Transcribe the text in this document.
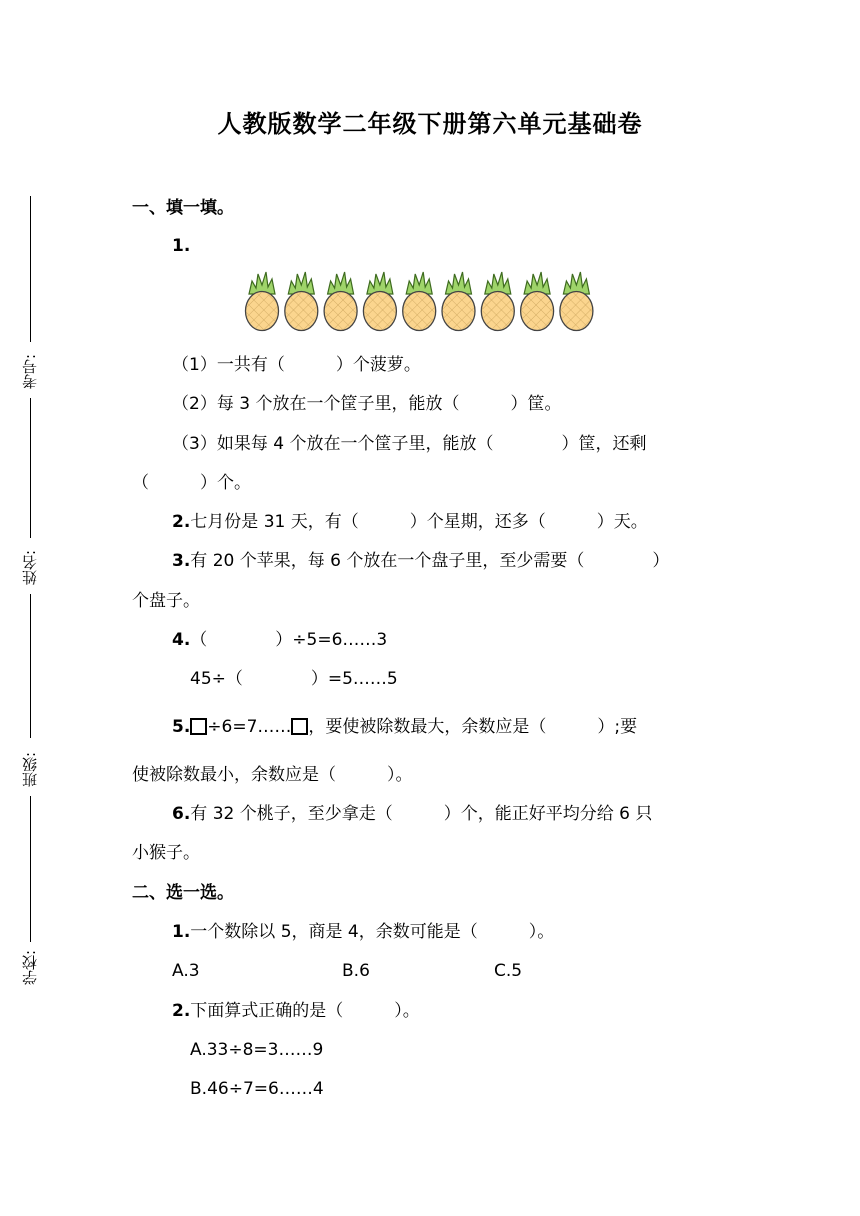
人教版数学二年级下册第六单元基础卷
考号:
姓名:
班级:
学校:
一、填一填。
1.
（1）一共有（　　　）个菠萝。
（2）每 3 个放在一个筐子里，能放（　　　）筐。
（3）如果每 4 个放在一个筐子里，能放（　　　　）筐，还剩
（　　　）个。
2.七月份是 31 天，有（　　　）个星期，还多（　　　）天。
3.有 20 个苹果，每 6 个放在一个盘子里，至少需要（　　　　）
个盘子。
4.（　　　　）÷5=6……3
45÷（　　　　）=5……5
5. ÷6=7…… ，要使被除数最大，余数应是（　　　）;要
使被除数最小，余数应是（　　　）。
6.有 32 个桃子，至少拿走（　　　）个，能正好平均分给 6 只
小猴子。
二、选一选。
1.一个数除以 5，商是 4，余数可能是（　　　）。
A.3	B.6	C.5
2.下面算式正确的是（　　　）。
A.33÷8=3……9
B.46÷7=6……4
